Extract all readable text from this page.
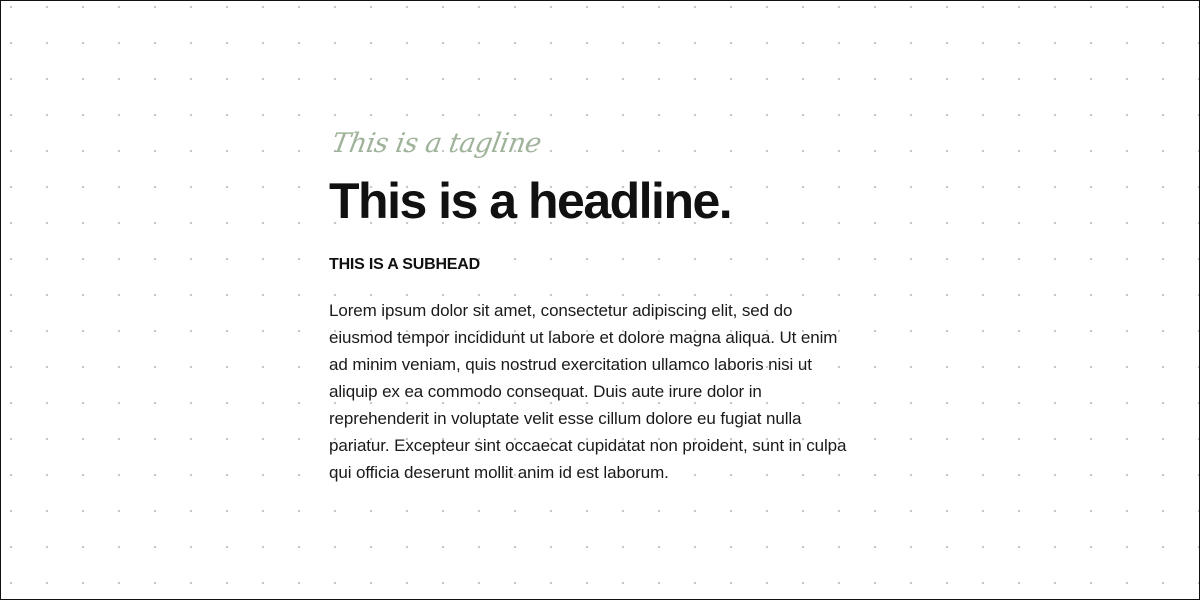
This is a tagline
This is a headline.
THIS IS A SUBHEAD

Lorem ipsum dolor sit amet, consectetur adipiscing elit, sed do eiusmod tempor incididunt ut labore et dolore magna aliqua. Ut enim ad minim veniam, quis nostrud exercitation ullamco laboris nisi ut aliquip ex ea commodo consequat. Duis aute irure dolor in reprehenderit in voluptate velit esse cillum dolore eu fugiat nulla pariatur. Excepteur sint occaecat cupidatat non proident, sunt in culpa qui officia deserunt mollit anim id est laborum.
